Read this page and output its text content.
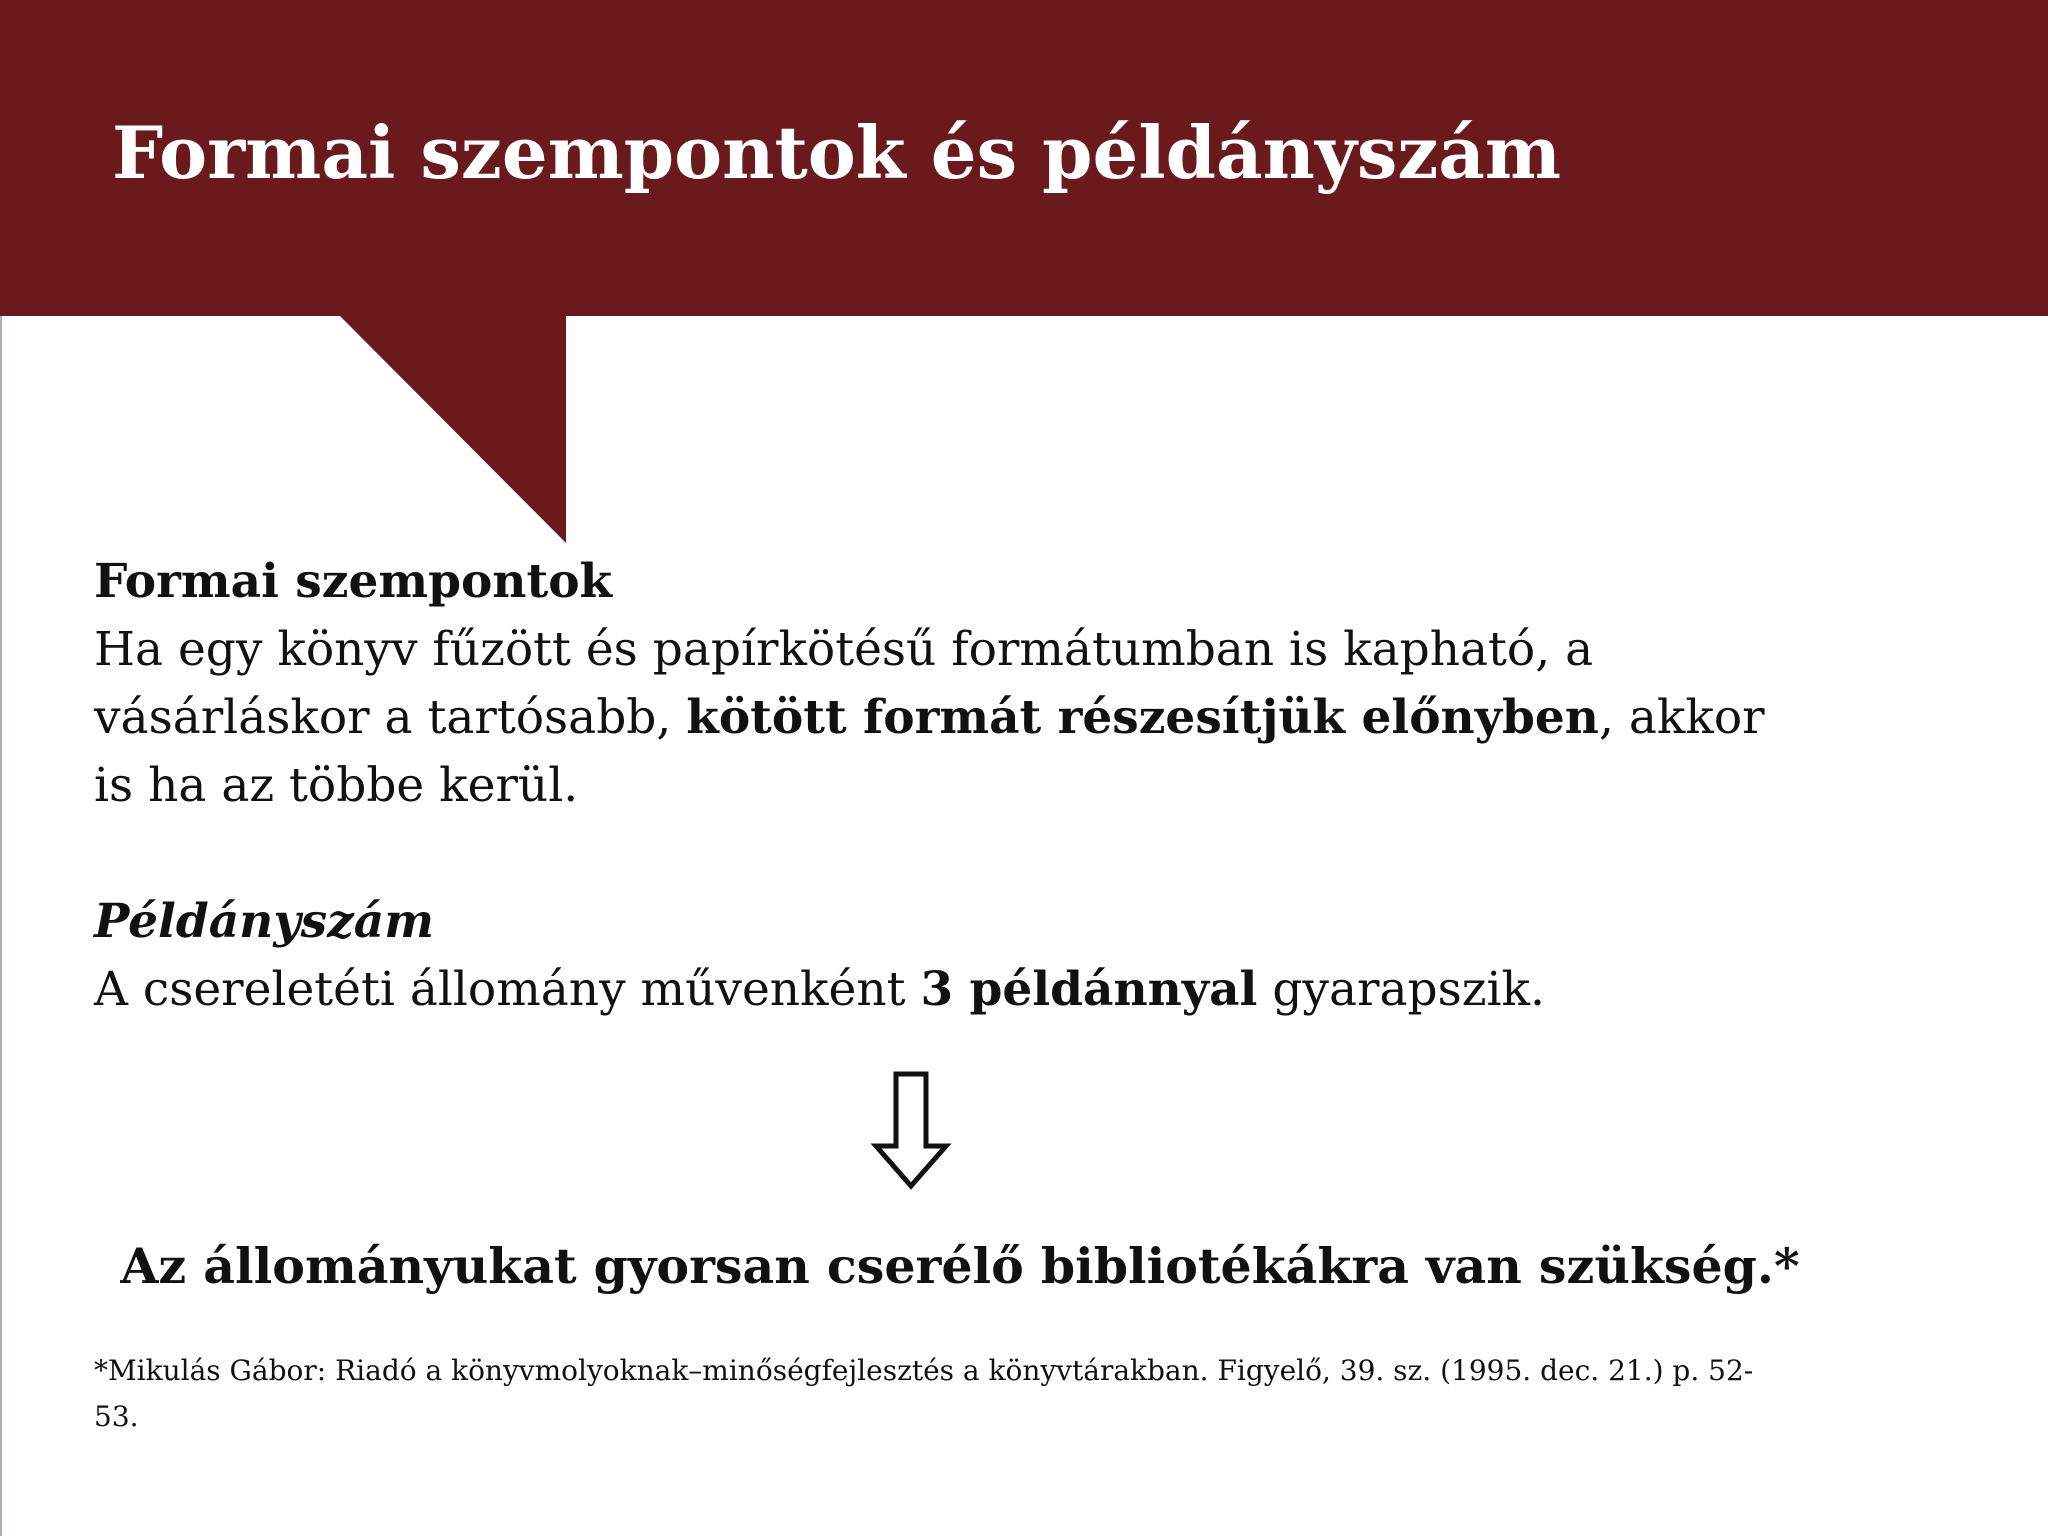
Formai szempontok és példányszám

Formai szempontok

Ha egy könyv fűzött és papírkötésű formátumban is kapható, a

vásárláskor a tartósabb, kötött formát részesítjük előnyben, akkor

is ha az többe kerül.

Példányszám

A csereletéti állomány művenként 3 példánnyal gyarapszik.

Az állományukat gyorsan cserélő bibliotékákra van szükség.*

*Mikulás Gábor: Riadó a könyvmolyoknak–minőségfejlesztés a könyvtárakban. Figyelő, 39. sz. (1995. dec. 21.) p. 52-53.
